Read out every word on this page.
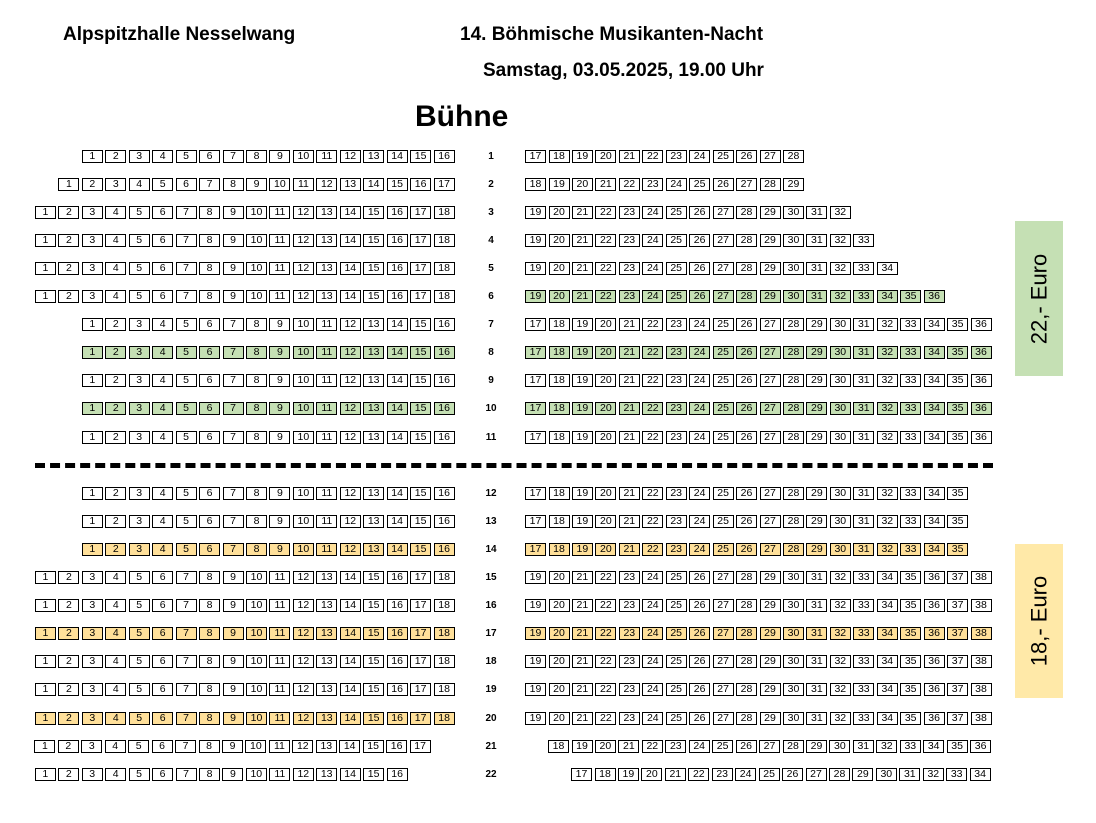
Alpspitzhalle Nesselwang	14. Böhmische Musikanten-Nacht
Samstag, 03.05.2025, 19.00 Uhr
Bühne
1	2	3	4	5	6	7	8	9	10	11	12	13	14	15	16	17	18	19	20	21	22	23	24	25	26	27	28
1
1	2	3	4	5	6	7	8	9	10	11	12	13	14	15	16	17	18	19	20	21	22	23	24	25	26	27	28	29
2
1	2	3	4	5	6	7	8	9	10	11	12	13	14	15	16	17	18	19	20	21	22	23	24	25	26	27	28	29	30	31	32
3
1	2	3	4	5	6	7	8	9	10	11	12	13	14	15	16	17	18	19	20	21	22	23	24	25	26	27	28	29	30	31	32	33
4
1	2	3	4	5	6	7	8	9	10	11	12	13	14	15	16	17	18	19	20	21	22	23	24	25	26	27	28	29	30	31	32	33	34
5
1	2	3	4	5	6	7	8	9	10	11	12	13	14	15	16	17	18	19	20	21	22	23	24	25	26	27	28	29	30	31	32	33	34	35	36
6
1	2	3	4	5	6	7	8	9	10	11	12	13	14	15	16	17	18	19	20	21	22	23	24	25	26	27	28	29	30	31	32	33	34	35	36
7
1	2	3	4	5	6	7	8	9	10	11	12	13	14	15	16	17	18	19	20	21	22	23	24	25	26	27	28	29	30	31	32	33	34	35	36
8
1	2	3	4	5	6	7	8	9	10	11	12	13	14	15	16	17	18	19	20	21	22	23	24	25	26	27	28	29	30	31	32	33	34	35	36
9
1	2	3	4	5	6	7	8	9	10	11	12	13	14	15	16	17	18	19	20	21	22	23	24	25	26	27	28	29	30	31	32	33	34	35	36
10
1	2	3	4	5	6	7	8	9	10	11	12	13	14	15	16	17	18	19	20	21	22	23	24	25	26	27	28	29	30	31	32	33	34	35	36
11
1	2	3	4	5	6	7	8	9	10	11	12	13	14	15	16	17	18	19	20	21	22	23	24	25	26	27	28	29	30	31	32	33	34	35
12
1	2	3	4	5	6	7	8	9	10	11	12	13	14	15	16	17	18	19	20	21	22	23	24	25	26	27	28	29	30	31	32	33	34	35
13
1	2	3	4	5	6	7	8	9	10	11	12	13	14	15	16	17	18	19	20	21	22	23	24	25	26	27	28	29	30	31	32	33	34	35
14
1	2	3	4	5	6	7	8	9	10	11	12	13	14	15	16	17	18	19	20	21	22	23	24	25	26	27	28	29	30	31	32	33	34	35	36	37	38
15
1	2	3	4	5	6	7	8	9	10	11	12	13	14	15	16	17	18	19	20	21	22	23	24	25	26	27	28	29	30	31	32	33	34	35	36	37	38
16
1	2	3	4	5	6	7	8	9	10	11	12	13	14	15	16	17	18	19	20	21	22	23	24	25	26	27	28	29	30	31	32	33	34	35	36	37	38
17
1	2	3	4	5	6	7	8	9	10	11	12	13	14	15	16	17	18	19	20	21	22	23	24	25	26	27	28	29	30	31	32	33	34	35	36	37	38
18
1	2	3	4	5	6	7	8	9	10	11	12	13	14	15	16	17	18	19	20	21	22	23	24	25	26	27	28	29	30	31	32	33	34	35	36	37	38
19
1	2	3	4	5	6	7	8	9	10	11	12	13	14	15	16	17	18	19	20	21	22	23	24	25	26	27	28	29	30	31	32	33	34	35	36	37	38
20
1	2	3	4	5	6	7	8	9	10	11	12	13	14	15	16	17	18	19	20	21	22	23	24	25	26	27	28	29	30	31	32	33	34	35	36
21
1	2	3	4	5	6	7	8	9	10	11	12	13	14	15	16	17	18	19	20	21	22	23	24	25	26	27	28	29	30	31	32	33	34
22
22,- Euro
18,- Euro
